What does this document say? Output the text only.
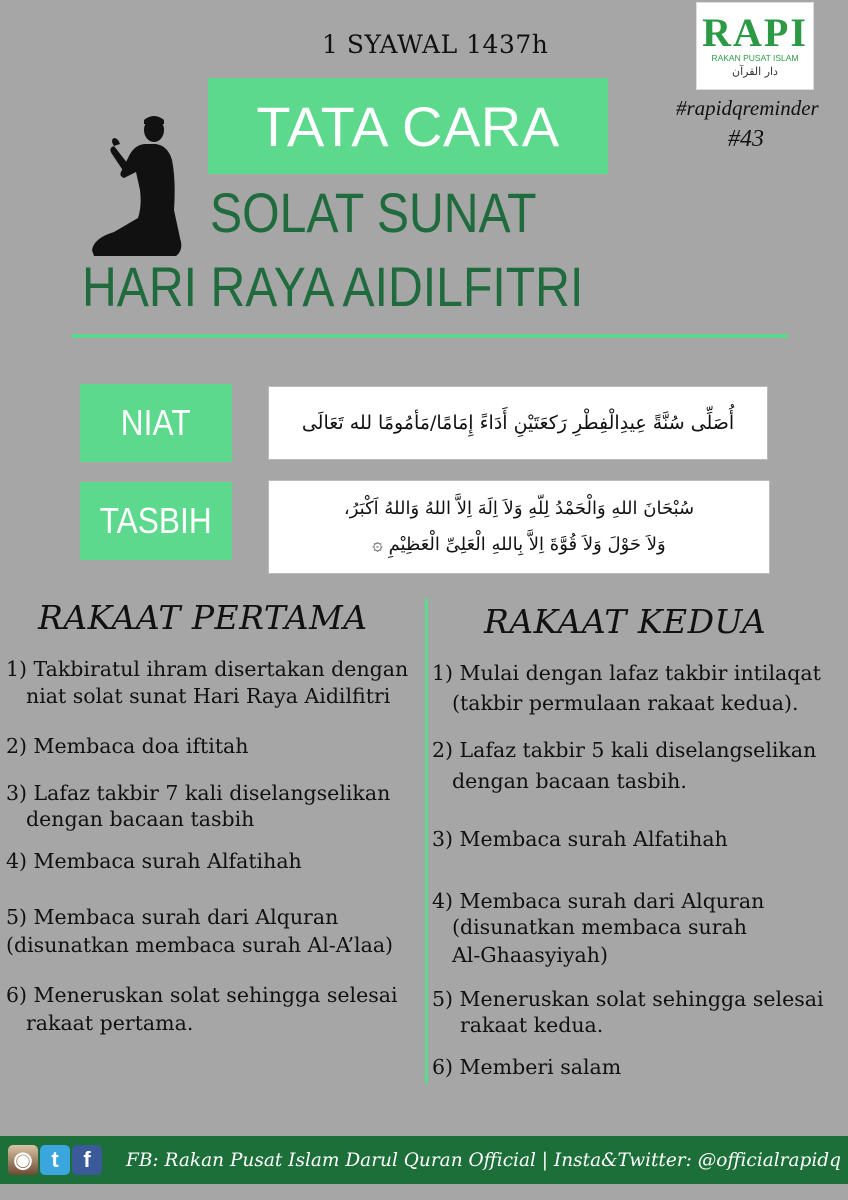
1 SYAWAL 1437h	RAPI
RAKAN PUSAT ISLAM
دار القرآن
#rapidqreminder
#43
TATA CARA
SOLAT SUNAT
HARI RAYA AIDILFITRI
NIAT	أُصَلِّى سُنَّةً عِيدِالْفِطْرِ رَكعَتَيْنِ أَدَاءً إِمَامًا/مَأمُومًا لله تَعَالَى
TASBIH	سُبْحَانَ اللهِ وَالْحَمْدُ لِلّهِ وَلاَ اِلَهَ اِلاَّ اللهُ وَاللهُ اَكْبَرُ،
وَلاَ حَوْلَ وَلاَ قُوَّةَ اِلاَّ بِاللهِ الْعَلِىِّ الْعَظِيْمِ ۞
RAKAAT PERTAMA	RAKAAT KEDUA
1) Takbiratul ihram disertakan dengan
niat solat sunat Hari Raya Aidilfitri
2) Membaca doa iftitah
3) Lafaz takbir 7 kali diselangselikan
dengan bacaan tasbih
4) Membaca surah Alfatihah
5) Membaca surah dari Alquran
(disunatkan membaca surah Al-A’laa)
6) Meneruskan solat sehingga selesai
rakaat pertama.
1) Mulai dengan lafaz takbir intilaqat
(takbir permulaan rakaat kedua).
2) Lafaz takbir 5 kali diselangselikan
dengan bacaan tasbih.
3) Membaca surah Alfatihah
4) Membaca surah dari Alquran
(disunatkan membaca surah
Al-Ghaasyiyah)
5) Meneruskan solat sehingga selesai
rakaat kedua.
6) Memberi salam
◉ t	f	FB: Rakan Pusat Islam Darul Quran Official | Insta&Twitter: @officialrapidq
